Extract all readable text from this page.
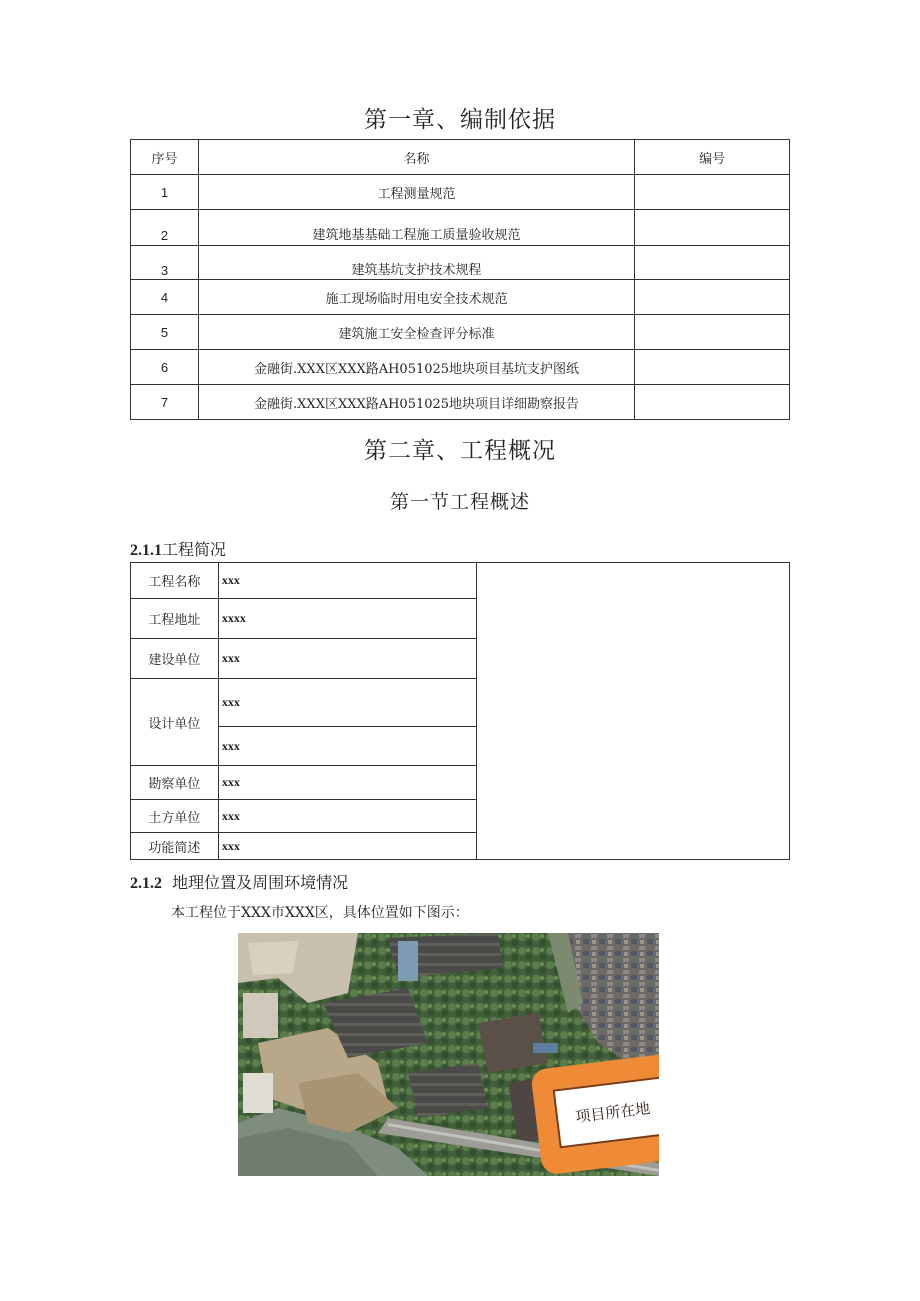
第一章、编制依据
序号	名称	编号
1	工程测量规范	
2	建筑地基基础工程施工质量验收规范	
3	建筑基坑支护技术规程	
4	施工现场临时用电安全技术规范	
5	建筑施工安全检查评分标准	
6	金融街.XXX区XXX路AH051025地块项目基坑支护图纸	
7	金融街.XXX区XXX路AH051025地块项目详细勘察报告	
第二章、工程概况
第一节工程概述
2.1.1工程简况
工程名称	xxx	
工程地址	xxxx	
建设单位	xxx	
设计单位	xxx	
	xxx	
勘察单位	xxx	
土方单位	xxx	
功能简述	xxx	
2.1.2 地理位置及周围环境情况
本工程位于XXX市XXX区，具体位置如下图示：
项目所在地
